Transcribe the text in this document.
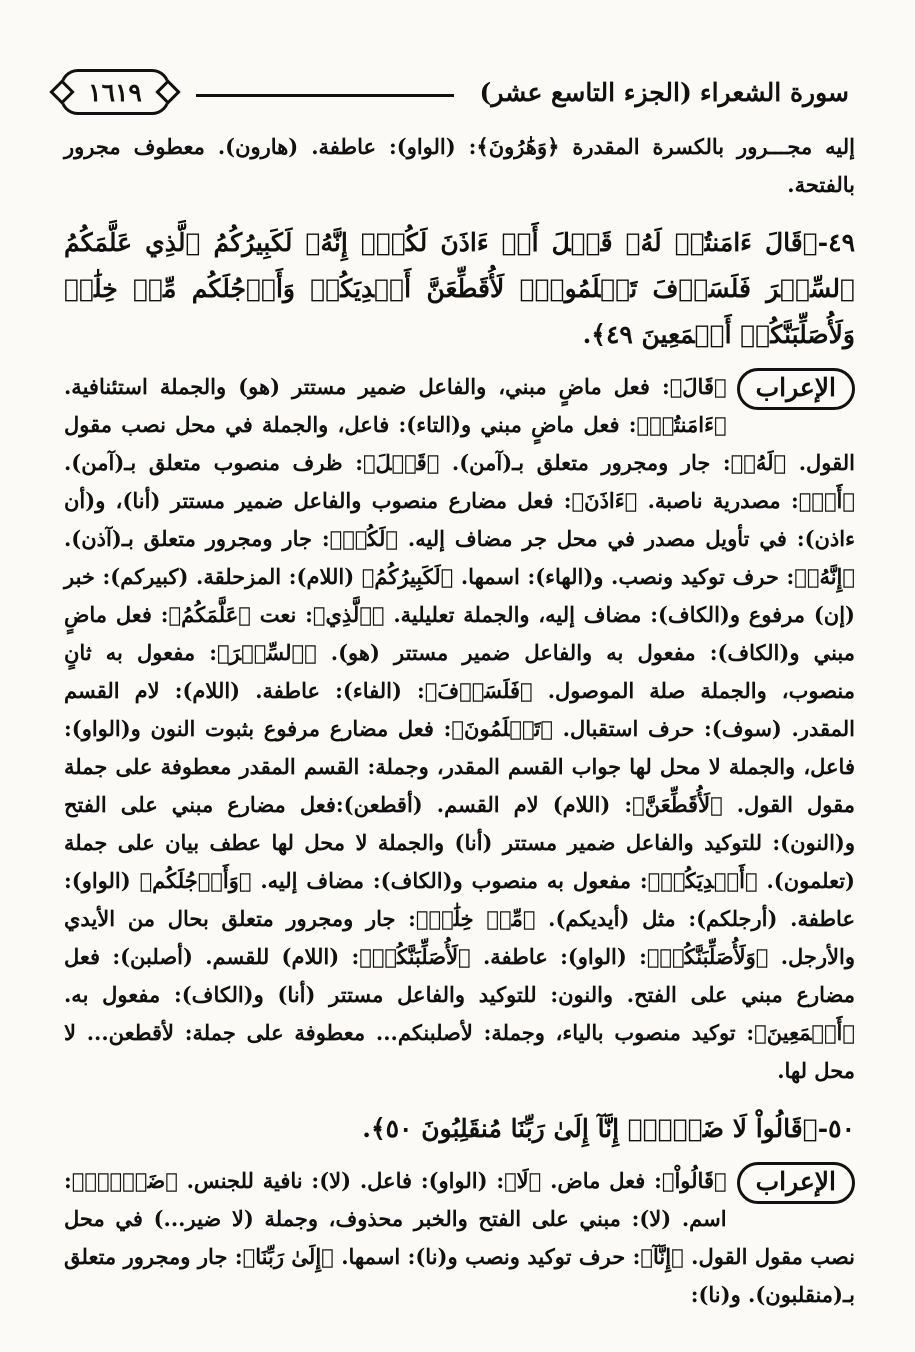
سورة الشعراء
(الجزء التاسع عشر)
١٦١٩

إليه مجـــرور بالكسرة المقدرة ﴿وَهَٰرُونَ﴾: (الواو): عاطفة. (هارون). معطوف مجرور بالفتحة.

٤٩-﴿قَالَ ءَامَنتُمۡ لَهُۥ قَبۡلَ أَنۡ ءَاذَنَ لَكُمۡۖ إِنَّهُۥ لَكَبِيرُكُمُ ٱلَّذِي عَلَّمَكُمُ ٱلسِّحۡرَ فَلَسَوۡفَ تَعۡلَمُونَۚ لَأُقَطِّعَنَّ أَيۡدِيَكُمۡ وَأَرۡجُلَكُم مِّنۡ خِلَٰفٖ وَلَأُصَلِّبَنَّكُمۡ أَجۡمَعِينَ ٤٩﴾.

الإعراب

﴿قَالَ﴾: فعل ماضٍ مبني، والفاعل ضمير مستتر (هو) والجملة استئنافية. ﴿ءَامَنتُمۡ﴾: فعل ماضٍ مبني و(التاء): فاعل، والجملة في محل نصب مقول القول. ﴿لَهُۥ﴾: جار ومجرور متعلق بـ(آمن). ﴿قَبۡلَ﴾: ظرف منصوب متعلق بـ(آمن). ﴿أَنۡ﴾: مصدرية ناصبة. ﴿ءَاذَنَ﴾: فعل مضارع منصوب والفاعل ضمير مستتر (أنا)، و(أن ءاذن): في تأويل مصدر في محل جر مضاف إليه. ﴿لَكُمۡ﴾: جار ومجرور متعلق بـ(آذن). ﴿إِنَّهُۥ﴾: حرف توكيد ونصب. و(الهاء): اسمها. ﴿لَكَبِيرُكُمُ﴾ (اللام): المزحلقة. (كبيركم): خبر (إن) مرفوع و(الكاف): مضاف إليه، والجملة تعليلية. ﴿ٱلَّذِي﴾: نعت ﴿عَلَّمَكُمُ﴾: فعل ماضٍ مبني و(الكاف): مفعول به والفاعل ضمير مستتر (هو). ﴿ٱلسِّحۡرَ﴾: مفعول به ثانٍ منصوب، والجملة صلة الموصول. ﴿فَلَسَوۡفَ﴾: (الفاء): عاطفة. (اللام): لام القسم المقدر. (سوف): حرف استقبال. ﴿تَعۡلَمُونَ﴾: فعل مضارع مرفوع بثبوت النون و(الواو): فاعل، والجملة لا محل لها جواب القسم المقدر، وجملة: القسم المقدر معطوفة على جملة مقول القول. ﴿لَأُقَطِّعَنَّ﴾: (اللام) لام القسم. (أقطعن):فعل مضارع مبني على الفتح و(النون): للتوكيد والفاعل ضمير مستتر (أنا) والجملة لا محل لها عطف بيان على جملة (تعلمون). ﴿أَيۡدِيَكُمۡ﴾: مفعول به منصوب و(الكاف): مضاف إليه. ﴿وَأَرۡجُلَكُم﴾ (الواو): عاطفة. (أرجلكم): مثل (أيديكم). ﴿مِّنۡ خِلَٰفٖ﴾: جار ومجرور متعلق بحال من الأيدي والأرجل. ﴿وَلَأُصَلِّبَنَّكُمۡ﴾: (الواو): عاطفة. ﴿لَأُصَلِّبَنَّكُمۡ﴾: (اللام) للقسم. (أصلبن): فعل مضارع مبني على الفتح. والنون: للتوكيد والفاعل مستتر (أنا) و(الكاف): مفعول به. ﴿أَجۡمَعِينَ﴾: توكيد منصوب بالياء، وجملة: لأصلبنكم... معطوفة على جملة: لأقطعن... لا محل لها.

٥٠-﴿قَالُواْ لَا ضَيۡرَۖ إِنَّآ إِلَىٰ رَبِّنَا مُنقَلِبُونَ ٥٠﴾.

الإعراب

﴿قَالُواْ﴾: فعل ماض. ﴿لَا﴾: (الواو): فاعل. (لا): نافية للجنس. ﴿ضَيۡرَۖ﴾: اسم. (لا): مبني على الفتح والخبر محذوف، وجملة (لا ضير...) في محل نصب مقول القول. ﴿إِنَّآ﴾: حرف توكيد ونصب و(نا): اسمها. ﴿إِلَىٰ رَبِّنَا﴾: جار ومجرور متعلق بـ(منقلبون). و(نا):
